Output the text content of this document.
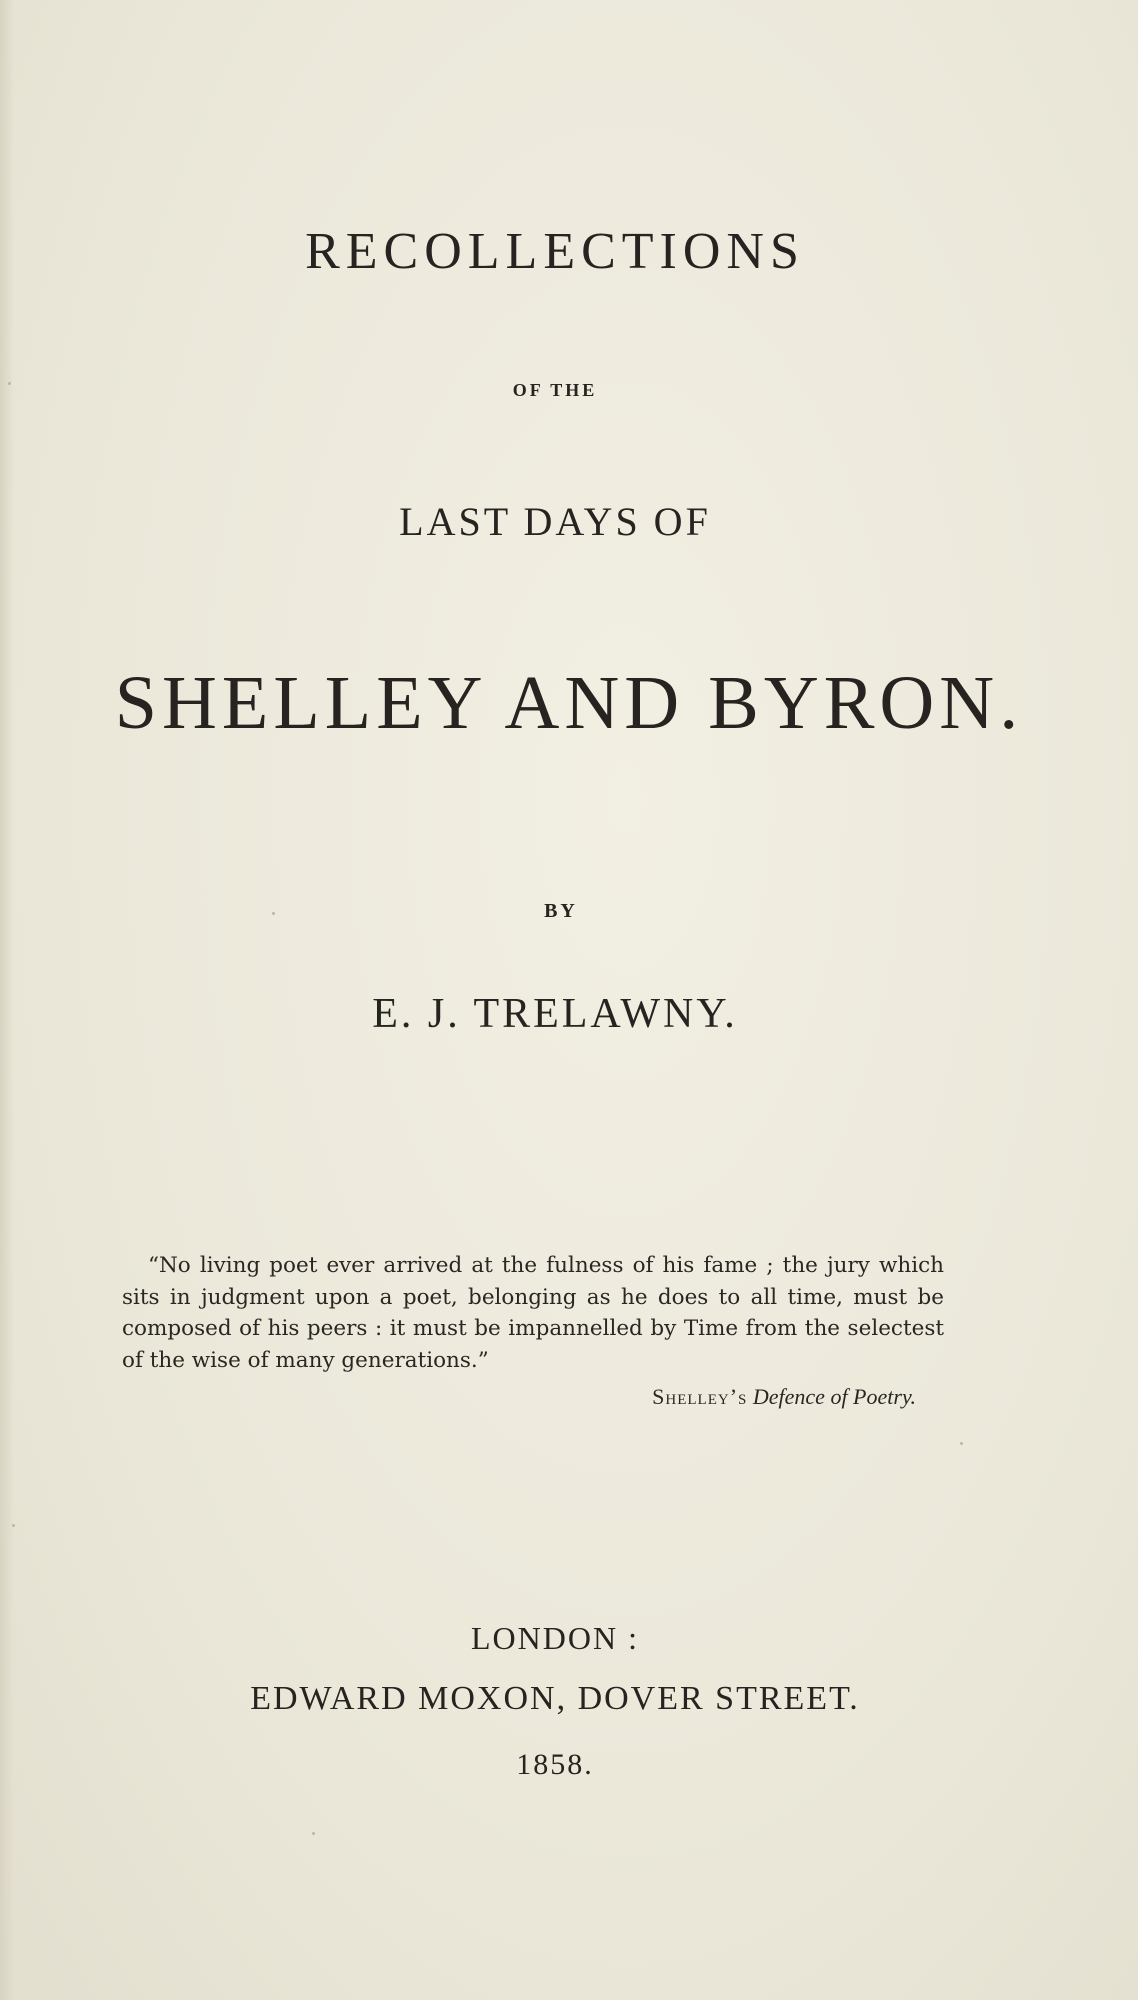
RECOLLECTIONS
OF THE
LAST DAYS OF
SHELLEY AND BYRON.
BY
E. J. TRELAWNY.

“No living poet ever arrived at the fulness of his fame ; the jury which sits in judgment upon a poet, belonging as he does to all time, must be composed of his peers : it must be impannelled by Time from the selectest of the wise of many generations.”

Shelley’s Defence of Poetry.
LONDON :
EDWARD MOXON, DOVER STREET.
1858.
